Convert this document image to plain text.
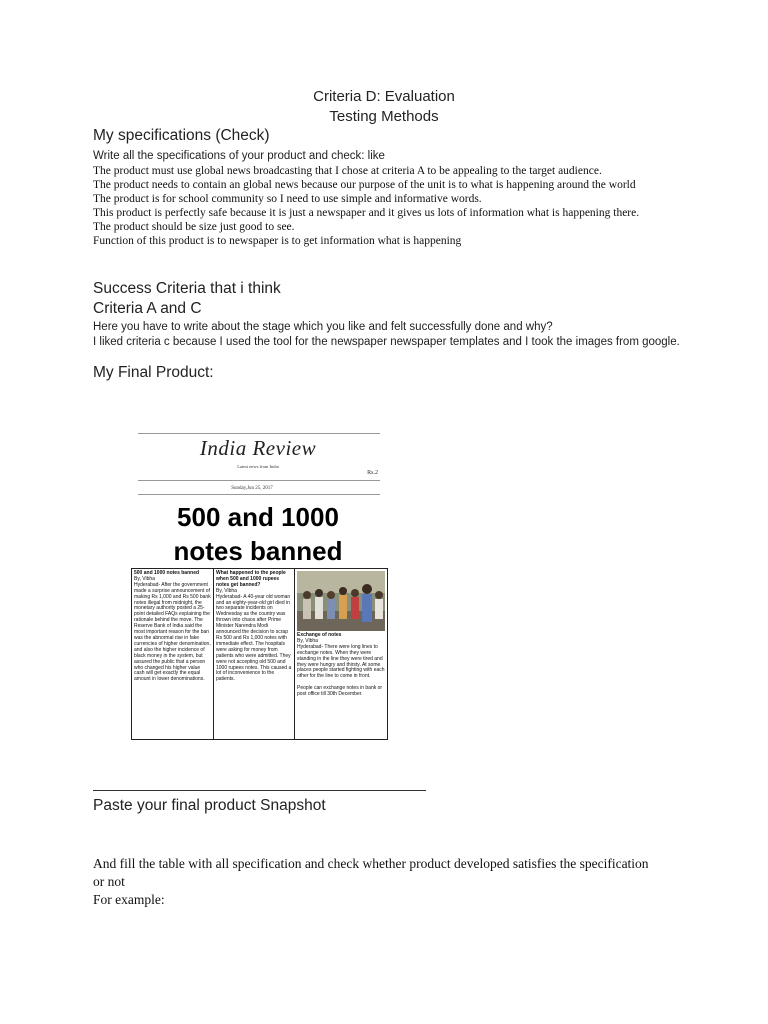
Criteria D: Evaluation
Testing Methods
My specifications (Check)
Write all the specifications of your product and check: like
The product must use global news broadcasting that I chose at criteria A to be appealing to the target audience.
The product needs to contain an global news because our purpose of the unit is to what is happening around the world
The product is for school community so I need to use simple and informative words.
This product is perfectly safe because it is just a newspaper and it gives us lots of information what is happening there.
The product should be size just good to see.
Function of this product is to newspaper is to get information what is happening
Success Criteria that i think
Criteria A and C
Here you have to write about the stage which you like and felt successfully done and why?
I liked criteria c because I used the tool for the newspaper newspaper templates and I took the images from google.
My Final Product:
India Review
Latest news from India
Rs.2
Sunday,Jun 25, 2017
500 and 1000
notes banned
500 and 1000 notes banned
By, Vibha
Hyderabad- After the government made a surprise announcement of making Rs 1,000 and Rs 500 bank notes illegal from midnight, the monetary authority posted a 25-point detailed FAQs explaining the rationale behind the move. The Reserve Bank of India said the most important reason for the ban was the abnormal rise in fake currencies of higher denomination, and also the higher incidence of black money in the system, but assured the public that a person who changed his higher value cash will get exactly the equal amount in lower denominations.
What happened to the people when 500 and 1000 rupees notes get banned?
By, Vibha
Hyderabad- A 40-year old woman and an eighty-year-old girl died in two separate incidents on Wednesday as the country was thrown into chaos after Prime Minister Narendra Modi announced the decision to scrap Rs 500 and Rs 1,000 notes with immediate effect. The hospitals were asking for money from patients who were admitted. They were not accepting old 500 and 1000 rupees notes. This caused a lot of inconvenience to the patients.
Exchange of notes
By, Vibha
Hyderabad- There were long lines to exchange notes. When they were standing in the line they were tired and they were hungry and thirsty. At some places people started fighting with each other for the line to come in front.

People can exchange notes in bank or post office till 30th December.
Paste your final product Snapshot
And fill the table with all specification and check whether product developed satisfies the specification or not
For example:
